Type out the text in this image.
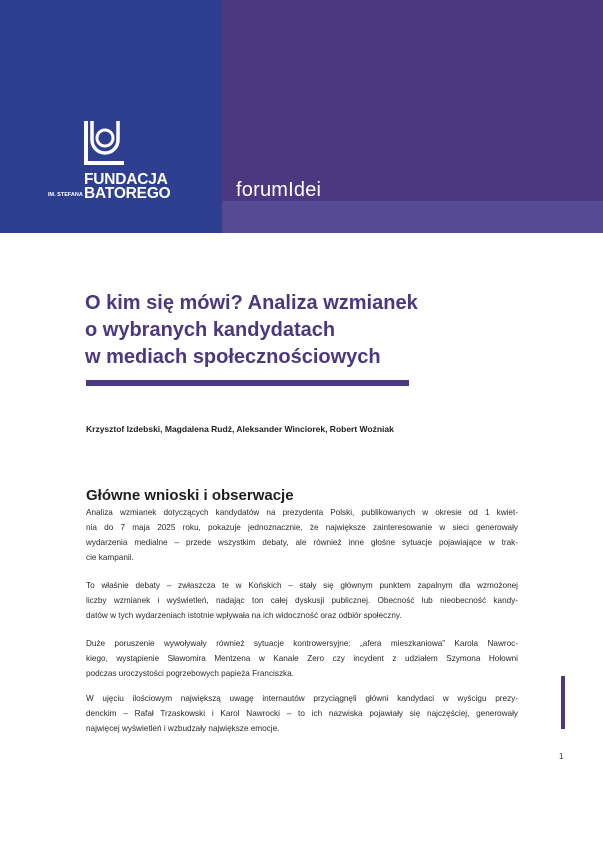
FUNDACJA
IM. STEFANA BATOREGO	forumIdei
O kim się mówi? Analiza wzmianek
o wybranych kandydatach
w mediach społecznościowych
Krzysztof Izdebski, Magdalena Rudź, Aleksander Winciorek, Robert Woźniak
Główne wnioski i obserwacje

Analiza wzmianek dotyczących kandydatów na prezydenta Polski, publikowanych w okresie od 1 kwiet-
nia do 7 maja 2025 roku, pokazuje jednoznacznie, że największe zainteresowanie w sieci generowały
wydarzenia medialne – przede wszystkim debaty, ale również inne głośne sytuacje pojawiające w trak-
cie kampanii.

To właśnie debaty – zwłaszcza te w Końskich – stały się głównym punktem zapalnym dla wzmożonej
liczby wzmianek i wyświetleń, nadając ton całej dyskusji publicznej. Obecność lub nieobecność kandy-
datów w tych wydarzeniach istotnie wpływała na ich widoczność oraz odbiór społeczny.

Duże poruszenie wywoływały również sytuacje kontrowersyjne: „afera mieszkaniowa” Karola Nawroc-
kiego, wystąpienie Sławomira Mentzena w Kanale Zero czy incydent z udziałem Szymona Hołowni
podczas uroczystości pogrzebowych papieża Franciszka.

W ujęciu ilościowym największą uwagę internautów przyciągnęli główni kandydaci w wyścigu prezy-
denckim – Rafał Trzaskowski i Karol Nawrocki – to ich nazwiska pojawiały się najczęściej, generowały
najwięcej wyświetleń i wzbudzały największe emocje.

1
